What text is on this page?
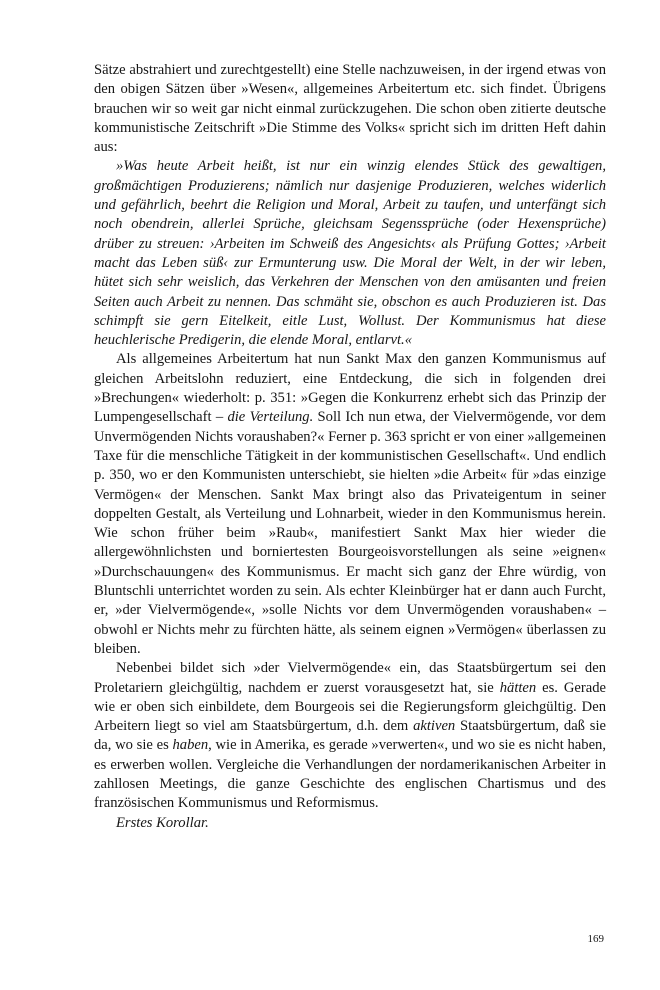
Sätze abstrahiert und zurechtgestellt) eine Stelle nachzuweisen, in der irgend etwas von den obigen Sätzen über »Wesen«, allgemeines Arbeitertum etc. sich findet. Übrigens brauchen wir so weit gar nicht einmal zurückzugehen. Die schon oben zitierte deutsche kommunistische Zeitschrift »Die Stimme des Volks« spricht sich im dritten Heft dahin aus:

»Was heute Arbeit heißt, ist nur ein winzig elendes Stück des gewaltigen, großmächtigen Produzierens; nämlich nur dasjenige Produzieren, welches widerlich und gefährlich, beehrt die Religion und Moral, Arbeit zu taufen, und unterfängt sich noch obendrein, allerlei Sprüche, gleichsam Segenssprüche (oder Hexensprüche) drüber zu streuen: ›Arbeiten im Schweiß des Angesichts‹ als Prüfung Gottes; ›Arbeit macht das Leben süß‹ zur Ermunterung usw. Die Moral der Welt, in der wir leben, hütet sich sehr weislich, das Verkehren der Menschen von den amüsanten und freien Seiten auch Arbeit zu nennen. Das schmäht sie, obschon es auch Produzieren ist. Das schimpft sie gern Eitelkeit, eitle Lust, Wollust. Der Kommunismus hat diese heuchlerische Predigerin, die elende Moral, entlarvt.«

Als allgemeines Arbeitertum hat nun Sankt Max den ganzen Kommunismus auf gleichen Arbeitslohn reduziert, eine Entdeckung, die sich in folgenden drei »Brechungen« wiederholt: p. 351: »Gegen die Konkurrenz erhebt sich das Prinzip der Lumpengesellschaft – die Verteilung. Soll Ich nun etwa, der Vielvermögende, vor dem Unvermögenden Nichts voraushaben?« Ferner p. 363 spricht er von einer »allgemeinen Taxe für die menschliche Tätigkeit in der kommunistischen Gesellschaft«. Und endlich p. 350, wo er den Kommunisten unterschiebt, sie hielten »die Arbeit« für »das einzige Vermögen« der Menschen. Sankt Max bringt also das Privateigentum in seiner doppelten Gestalt, als Verteilung und Lohnarbeit, wieder in den Kommunismus herein. Wie schon früher beim »Raub«, manifestiert Sankt Max hier wieder die allergewöhnlichsten und borniertesten Bourgeoisvorstellungen als seine »eignen« »Durchschauungen« des Kommunismus. Er macht sich ganz der Ehre würdig, von Bluntschli unterrichtet worden zu sein. Als echter Kleinbürger hat er dann auch Furcht, er, »der Vielvermögende«, »solle Nichts vor dem Unvermögenden voraushaben« – obwohl er Nichts mehr zu fürchten hätte, als seinem eignen »Vermögen« überlassen zu bleiben.

Nebenbei bildet sich »der Vielvermögende« ein, das Staatsbürgertum sei den Proletariern gleichgültig, nachdem er zuerst vorausgesetzt hat, sie hätten es. Gerade wie er oben sich einbildete, dem Bourgeois sei die Regierungsform gleichgültig. Den Arbeitern liegt so viel am Staatsbürgertum, d.h. dem aktiven Staatsbürgertum, daß sie da, wo sie es haben, wie in Amerika, es gerade »verwerten«, und wo sie es nicht haben, es erwerben wollen. Vergleiche die Verhandlungen der nordamerikanischen Arbeiter in zahllosen Meetings, die ganze Geschichte des englischen Chartismus und des französischen Kommunismus und Reformismus.

Erstes Korollar.

169
